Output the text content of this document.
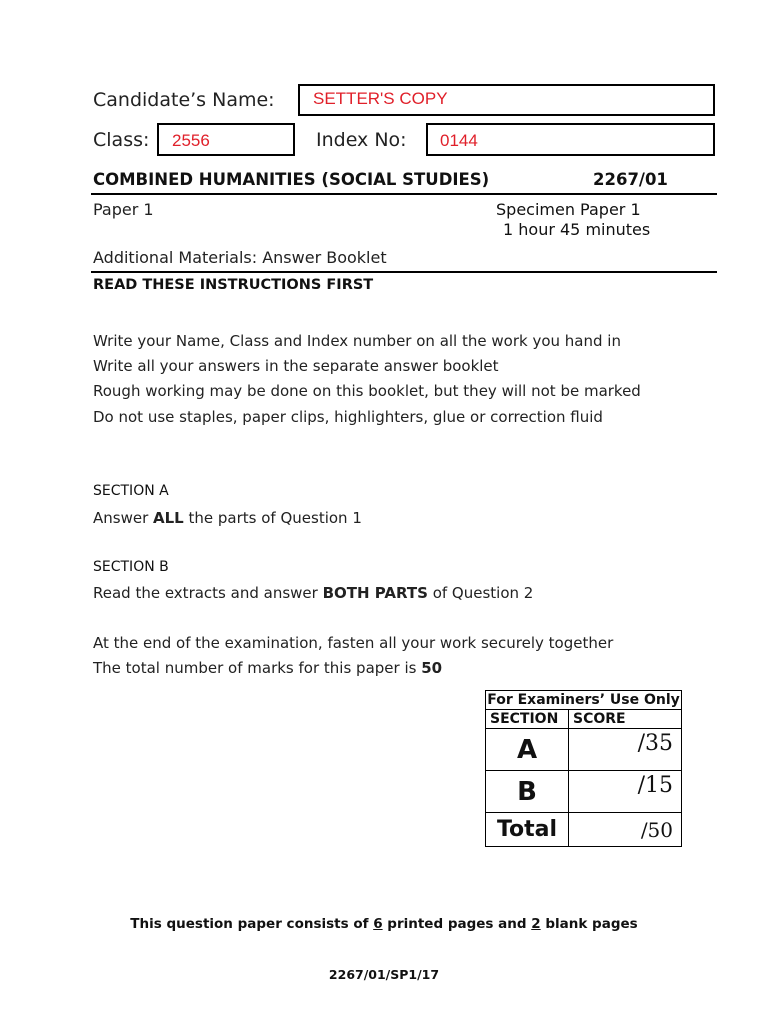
Candidate’s Name: SETTER'S COPY
Class: 2556	Index No: 0144
COMBINED HUMANITIES (SOCIAL STUDIES)	2267/01
Paper 1	Specimen Paper 1
1 hour 45 minutes
Additional Materials: Answer Booklet
READ THESE INSTRUCTIONS FIRST
Write your Name, Class and Index number on all the work you hand in
Write all your answers in the separate answer booklet
Rough working may be done on this booklet, but they will not be marked
Do not use staples, paper clips, highlighters, glue or correction fluid
SECTION A
Answer ALL the parts of Question 1
SECTION B
Read the extracts and answer BOTH PARTS of Question 2
At the end of the examination, fasten all your work securely together
The total number of marks for this paper is 50
For Examiners’ Use Only	
SECTION	SCORE
A	/35
B	/15
Total	/50
This question paper consists of 6 printed pages and 2 blank pages
2267/01/SP1/17
